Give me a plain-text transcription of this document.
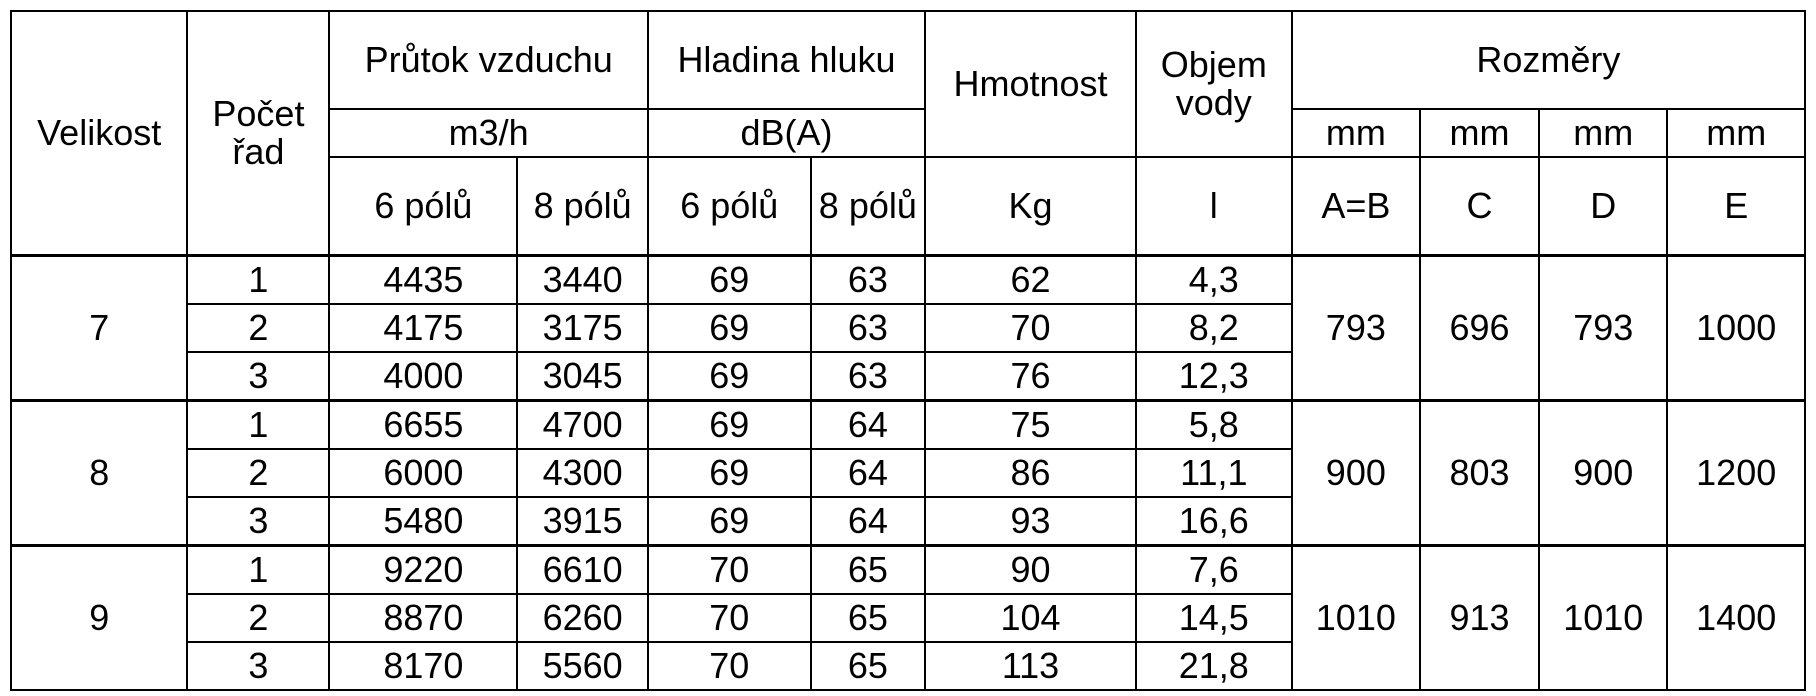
Velikost	Počet řad	Průtok vzduchu		Hladina hluku		Hmotnost	Objem vody	Rozměry			
		m3/h		dB(A)				mm	mm	mm	mm
		6 pólů	8 pólů	6 pólů	8 pólů	Kg	l	A=B	C	D	E
7	1	4435	3440	69	63	62	4,3	793	696	793	1000
	2	4175	3175	69	63	70	8,2				
	3	4000	3045	69	63	76	12,3				
8	1	6655	4700	69	64	75	5,8	900	803	900	1200
	2	6000	4300	69	64	86	11,1				
	3	5480	3915	69	64	93	16,6				
9	1	9220	6610	70	65	90	7,6	1010	913	1010	1400
	2	8870	6260	70	65	104	14,5				
	3	8170	5560	70	65	113	21,8				
